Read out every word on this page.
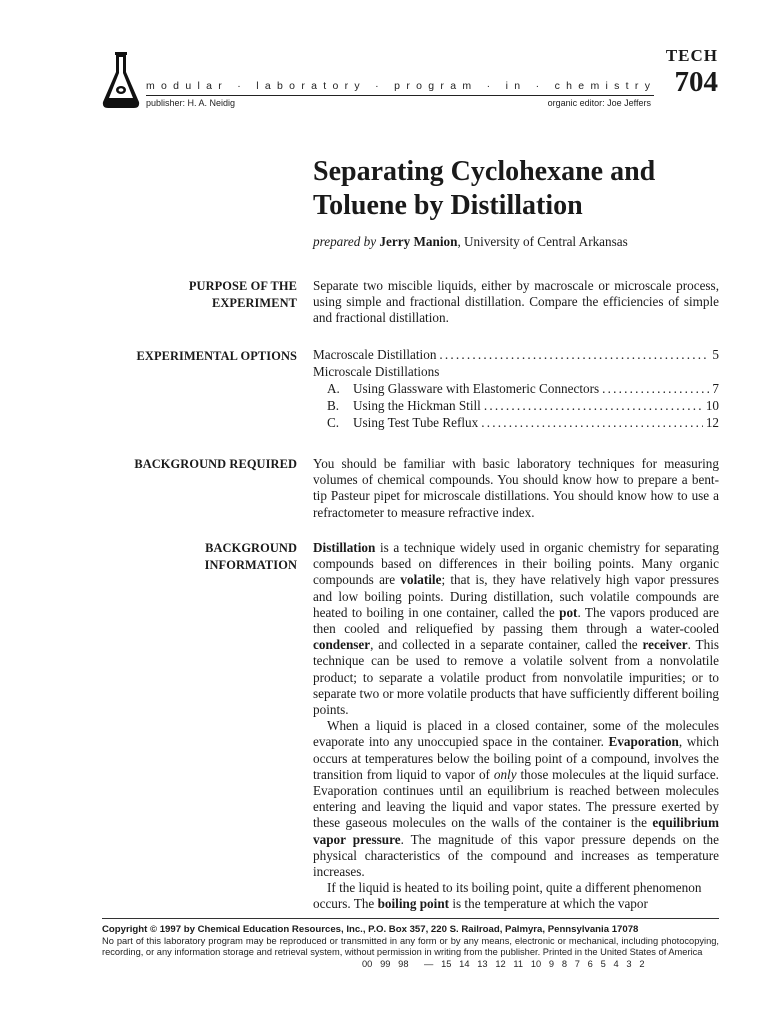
modular · laboratory · program · in · chemistry
publisher: H. A. Neidig	organic editor: Joe Jeffers
TECH
704
Separating Cyclohexane and
Toluene by Distillation
prepared by Jerry Manion, University of Central Arkansas
PURPOSE OF THE
EXPERIMENT
Separate two miscible liquids, either by macroscale or microscale process, using simple and fractional distillation. Compare the efficiencies of simple and fractional distillation.
EXPERIMENTAL OPTIONS Macroscale Distillation .....	5
Microscale Distillations
A. Using Glassware with Elastomeric Connectors .....	7
B.	Using the Hickman Still .....	10
C.	Using Test Tube Reflux .....	12
BACKGROUND REQUIRED You should be familiar with basic laboratory techniques for measuring volumes of chemical compounds. You should know how to prepare a bent-tip Pasteur pipet for microscale distillations. You should know how to use a refractometer to measure refractive index.
BACKGROUND
INFORMATION
Distillation is a technique widely used in organic chemistry for separating compounds based on differences in their boiling points. Many organic compounds are volatile; that is, they have relatively high vapor pressures and low boiling points. During distillation, such volatile compounds are heated to boiling in one container, called the pot. The vapors produced are then cooled and reliquefied by passing them through a water-cooled condenser, and collected in a separate container, called the receiver. This technique can be used to remove a volatile solvent from a nonvolatile product; to separate a volatile product from nonvolatile impurities; or to separate two or more volatile products that have sufficiently different boiling points.
When a liquid is placed in a closed container, some of the molecules evaporate into any unoccupied space in the container. Evaporation, which occurs at temperatures below the boiling point of a compound, involves the transition from liquid to vapor of only those molecules at the liquid surface. Evaporation continues until an equilibrium is reached between molecules entering and leaving the liquid and vapor states. The pressure exerted by these gaseous molecules on the walls of the container is the equilibrium vapor pressure. The magnitude of this vapor pressure depends on the physical characteristics of the compound and increases as temperature increases.
If the liquid is heated to its boiling point, quite a different phenomenon occurs. The boiling point is the temperature at which the vapor
Copyright © 1997 by Chemical Education Resources, Inc., P.O. Box 357, 220 S. Railroad, Palmyra, Pennsylvania 17078
No part of this laboratory program may be reproduced or transmitted in any form or by any means, electronic or mechanical, including photocopying, recording, or any information storage and retrieval system, without permission in writing from the publisher. Printed in the United States of America
00   99   98      —   15   14   13   12   11   10   9   8   7   6   5   4   3   2
